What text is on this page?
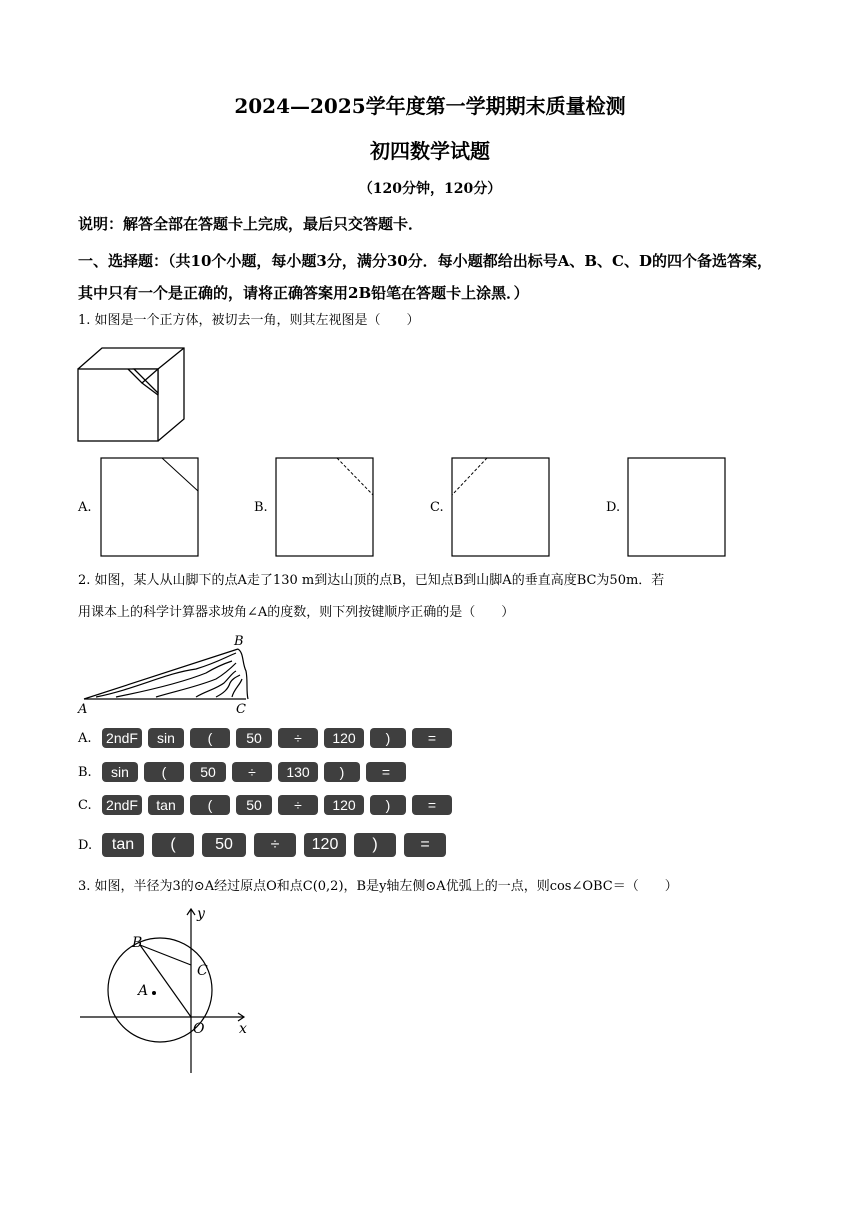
2024—2025学年度第一学期期末质量检测
初四数学试题
（120分钟，120分）
说明：解答全部在答题卡上完成，最后只交答题卡．
一、选择题：（共10个小题，每小题3分，满分30分．每小题都给出标号A、B、C、D的四个备选答案，其中只有一个是正确的，请将正确答案用2B铅笔在答题卡上涂黑．）
1. 如图是一个正方体，被切去一角，则其左视图是（　　）
A.	B.	C.	D.
2. 如图，某人从山脚下的点A走了130 m到达山顶的点B，已知点B到山脚A的垂直高度BC为50m．若
用课本上的科学计算器求坡角∠A的度数，则下列按键顺序正确的是（　　）
B
A	C
A.	2ndF	sin	(	50	÷	120	)	=
B.	sin	(	50	÷	130	)	=
C.	2ndF	tan	(	50	÷	120	)	=
D.	tan	(	50	÷	120	)	=
3. 如图，半径为3的⊙A经过原点O和点C(0,2)，B是y轴左侧⊙A优弧上的一点，则cos∠OBC＝（　　）
B
C
A
O x
y
